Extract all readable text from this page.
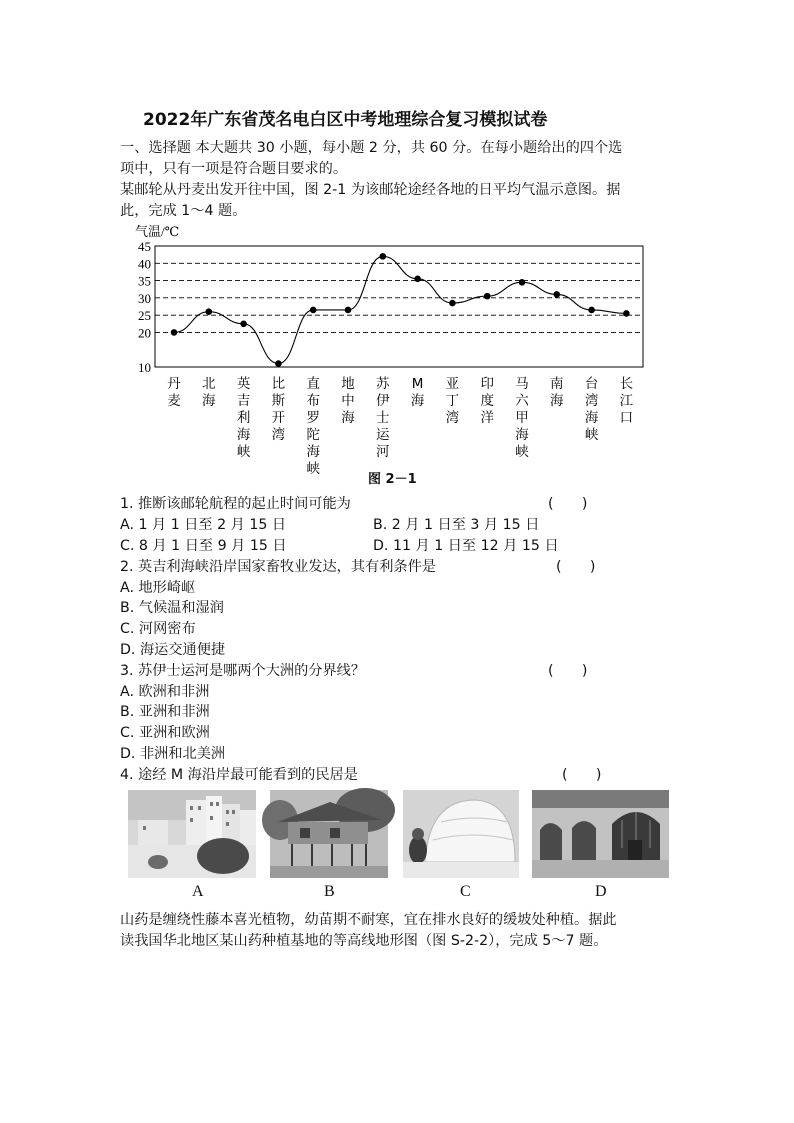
2022年广东省茂名电白区中考地理综合复习模拟试卷
一、选择题 本大题共 30 小题，每小题 2 分，共 60 分。在每小题给出的四个选
项中，只有一项是符合题目要求的。
某邮轮从丹麦出发开往中国，图 2-1 为该邮轮途经各地的日平均气温示意图。据
此，完成 1～4 题。
气温/℃
45
40
35
30
25
20
10
丹
麦
北
海
英
吉
利
海
峡
比
斯
开
湾
直
布
罗
陀
海
峡
地
中
海
苏
伊
士
运
河
M
海
亚
丁
湾
印
度
洋
马
六
甲
海
峡
南
海
台
湾
海
峡
长
江
口
图 2－1
1. 推断该邮轮航程的起止时间可能为	(　　)
A. 1 月 1 日至 2 月 15 日	B. 2 月 1 日至 3 月 15 日
C. 8 月 1 日至 9 月 15 日	D. 11 月 1 日至 12 月 15 日
2. 英吉利海峡沿岸国家畜牧业发达，其有利条件是	(　　)
A. 地形崎岖
B. 气候温和湿润
C. 河网密布
D. 海运交通便捷
3. 苏伊士运河是哪两个大洲的分界线？	(　　)
A. 欧洲和非洲
B. 亚洲和非洲
C. 亚洲和欧洲
D. 非洲和北美洲
4. 途经 M 海沿岸最可能看到的民居是	(　　)
A	B	C	D
山药是缠绕性藤本喜光植物，幼苗期不耐寒，宜在排水良好的缓坡处种植。据此
读我国华北地区某山药种植基地的等高线地形图（图 S-2-2），完成 5～7 题。
